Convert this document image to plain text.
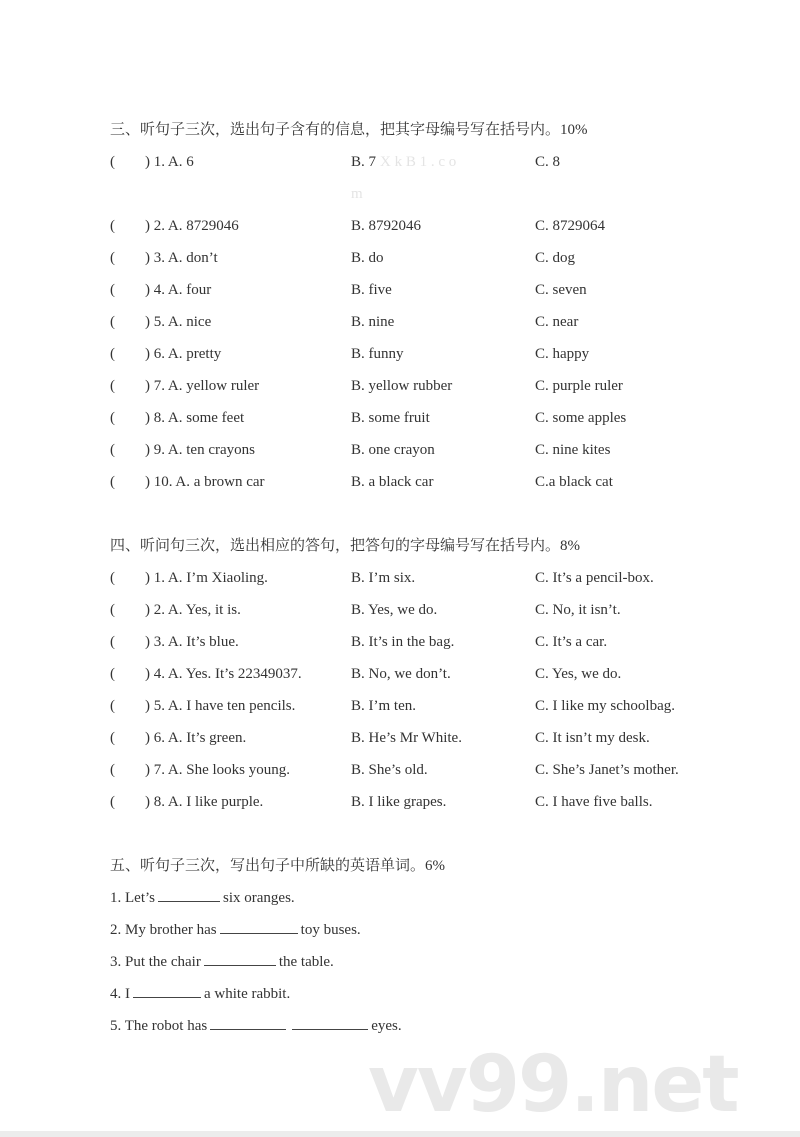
vv99.net
三、听句子三次，选出句子含有的信息，把其字母编号写在括号内。10%
( ) 1. A. 6	B. 7 X k B 1 . c o	C. 8
m
( ) 2. A. 8729046	B. 8792046	C. 8729064
( ) 3. A. don’t	B. do	C. dog
( ) 4. A. four	B. five	C. seven
( ) 5. A. nice	B. nine	C. near
( ) 6. A. pretty	B. funny	C. happy
( ) 7. A. yellow ruler	B. yellow rubber	C. purple ruler
( ) 8. A. some feet	B. some fruit	C. some apples
( ) 9. A. ten crayons	B. one crayon	C. nine kites
( ) 10. A. a brown car	B. a black car	C.a black cat
四、听问句三次，选出相应的答句，把答句的字母编号写在括号内。8%
( ) 1. A. I’m Xiaoling.	B. I’m six.	C. It’s a pencil-box.
( ) 2. A. Yes, it is.	B. Yes, we do.	C. No, it isn’t.
( ) 3. A. It’s blue.	B. It’s in the bag.	C. It’s a car.
( ) 4. A. Yes. It’s 22349037.	B. No, we don’t.	C. Yes, we do.
( ) 5. A. I have ten pencils.	B. I’m ten.	C. I like my schoolbag.
( ) 6. A. It’s green.	B. He’s Mr White.	C. It isn’t my desk.
( ) 7. A. She looks young.	B. She’s old.	C. She’s Janet’s mother.
( ) 8. A. I like purple.	B. I like grapes.	C. I have five balls.
五、听句子三次，写出句子中所缺的英语单词。6%
1. Let’s	six oranges.
2. My brother has	toy buses.
3. Put the chair	the table.
4. I	a white rabbit.
5. The robot has	eyes.
